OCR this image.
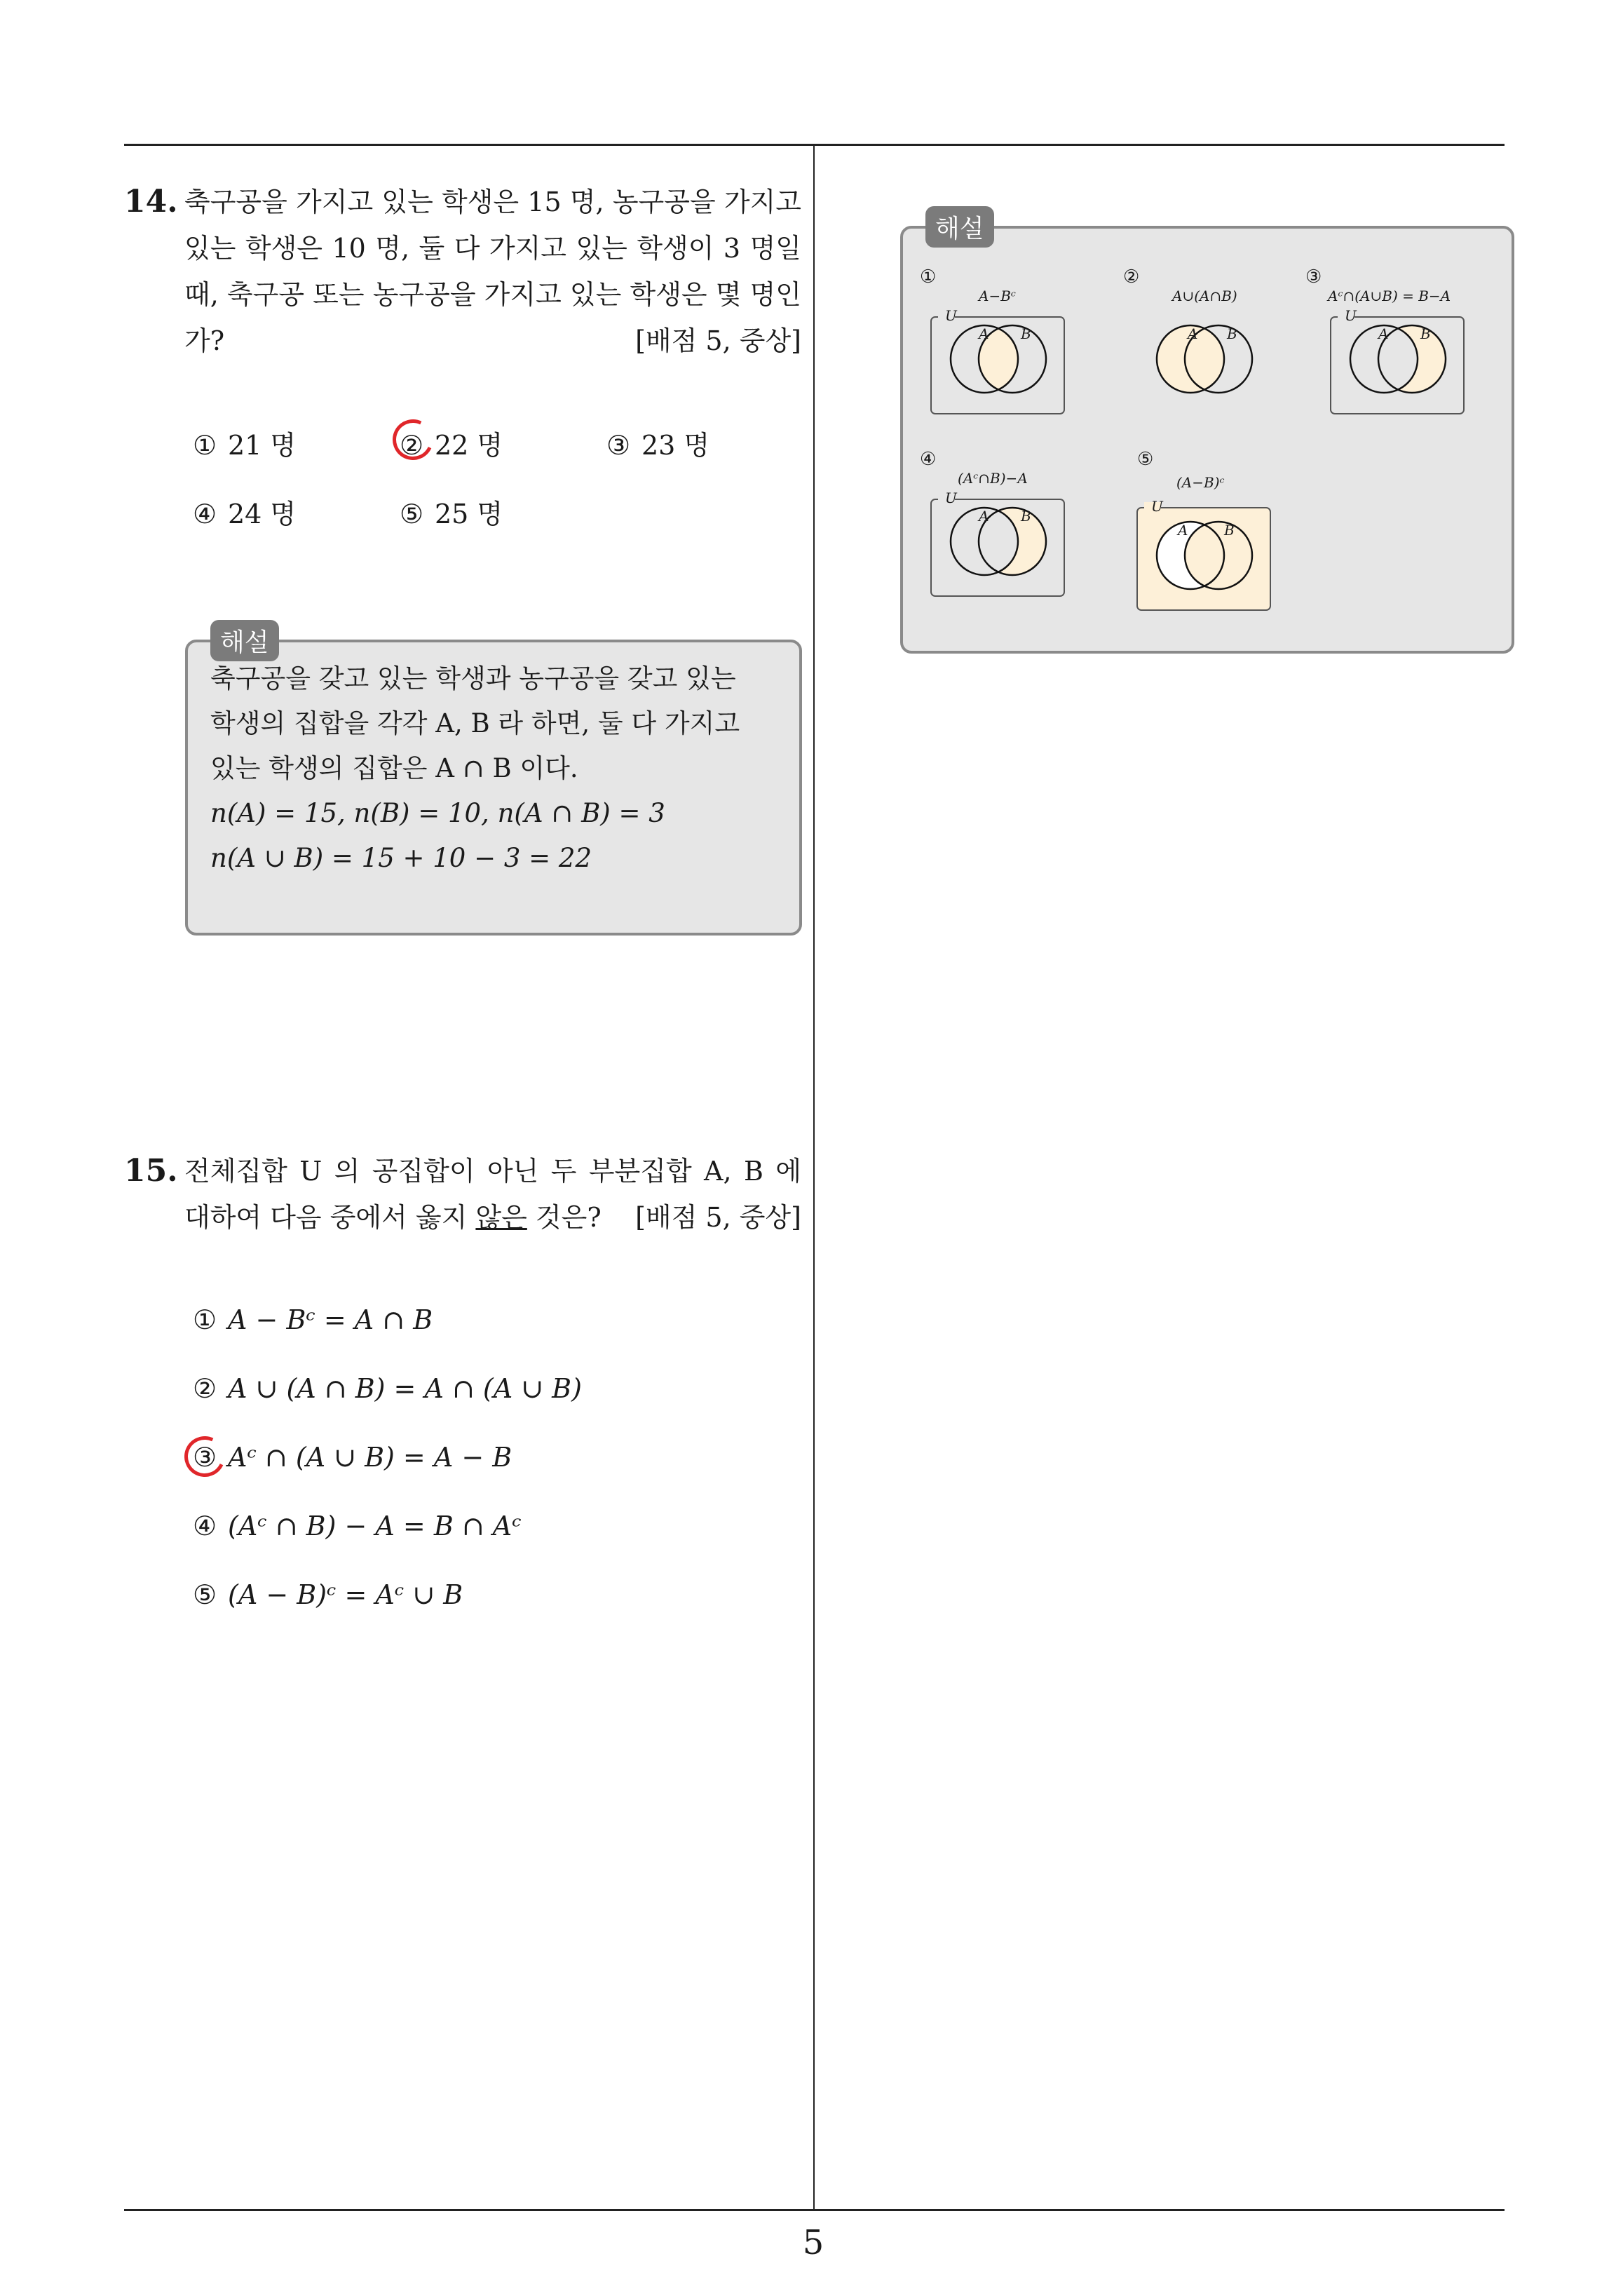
5
14. 축구공을 가지고 있는 학생은 15 명, 농구공을 가지고 있는 학생은 10 명, 둘 다 가지고 있는 학생이 3 명일 때, 축구공 또는 농구공을 가지고 있는 학생은 몇 명인가?	[배점 5, 중상]
① 21 명	② 22 명	③ 23 명
④ 24 명	⑤ 25 명
축구공을 갖고 있는 학생과 농구공을 갖고 있는
학생의 집합을 각각 A, B 라 하면, 둘 다 가지고
있는 학생의 집합은 A ∩ B 이다.
n(A) = 15, n(B) = 10, n(A ∩ B) = 3
n(A ∪ B) = 15 + 10 − 3 = 22
해설
15. 전체집합 U 의 공집합이 아닌 두 부분집합 A, B 에 대하여 다음 중에서 옳지 않은 것은? [배점 5, 중상]
① A − Bᶜ = A ∩ B
② A ∪ (A ∩ B) = A ∩ (A ∪ B)
③ Aᶜ ∩ (A ∪ B) = A − B
④ (Aᶜ ∩ B) − A = B ∩ Aᶜ
⑤ (A − B)ᶜ = Aᶜ ∪ B
①
A−Bᶜ
U
A B
②
A∪(A∩B)
A B
③
Aᶜ∩(A∪B) = B−A
U
A B
④
(Aᶜ∩B)−A
U
A B
⑤
(A−B)ᶜ
U
A	B
해설
